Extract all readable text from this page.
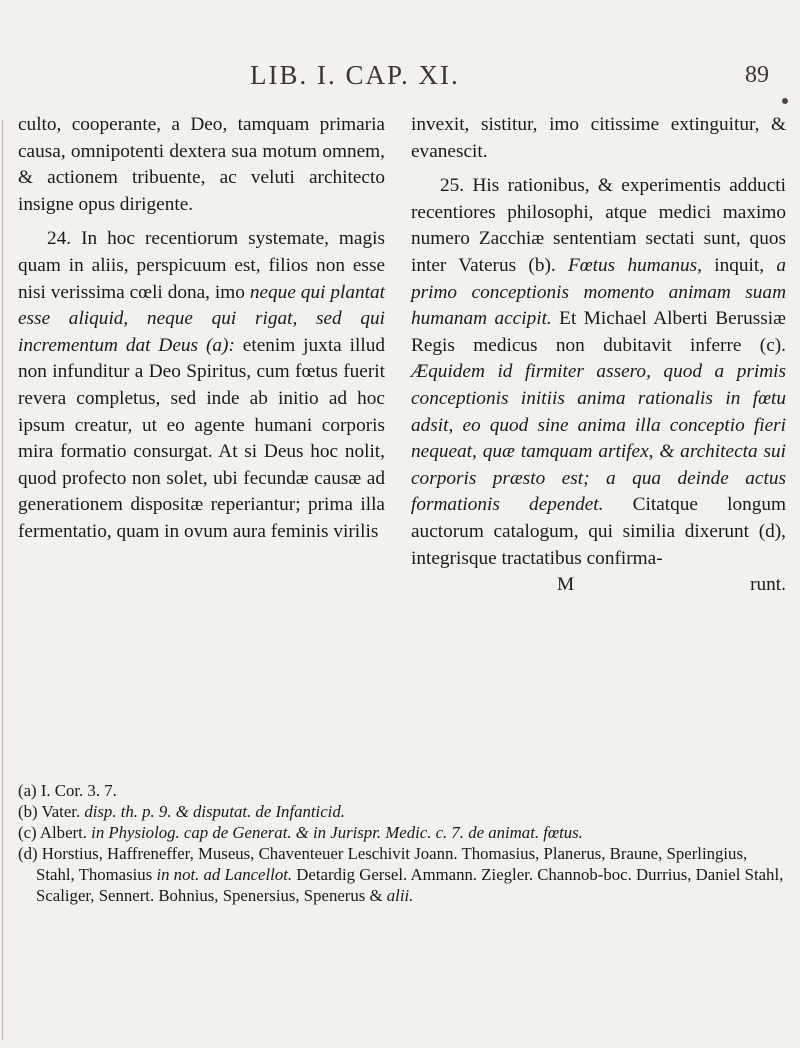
LIB. I. CAP. XI.	89

culto, cooperante, a Deo, tamquam primaria causa, omnipotenti dextera sua motum omnem, & actionem tribuente, ac veluti architecto insigne opus dirigente.

24. In hoc recentiorum systemate, magis quam in aliis, perspicuum est, filios non esse nisi verissima cœli dona, imo neque qui plantat esse aliquid, neque qui rigat, sed qui incrementum dat Deus (a): etenim juxta illud non infunditur a Deo Spiritus, cum fœtus fuerit revera completus, sed inde ab initio ad hoc ipsum creatur, ut eo agente humani corporis mira formatio consurgat. At si Deus hoc nolit, quod profecto non solet, ubi fecundæ causæ ad generationem dispositæ reperiantur; prima illa fermentatio, quam in ovum aura feminis virilis

invexit, sistitur, imo citissime extinguitur, & evanescit.

25. His rationibus, & experimentis adducti recentiores philosophi, atque medici maximo numero Zacchiæ sententiam sectati sunt, quos inter Vaterus (b). Fœtus humanus, inquit, a primo conceptionis momento animam suam humanam accipit. Et Michael Alberti Berussiæ Regis medicus non dubitavit inferre (c). Æquidem id firmiter assero, quod a primis conceptionis initiis anima rationalis in fœtu adsit, eo quod sine anima illa conceptio fieri nequeat, quæ tamquam artifex, & architecta sui corporis præsto est; a qua deinde actus formationis dependet. Citatque longum auctorum catalogum, qui similia dixerunt (d), integrisque tractatibus confirma-

M	runt.

(a) I. Cor. 3. 7.

(b) Vater. disp. th. p. 9. & disputat. de Infanticid.

(c) Albert. in Physiolog. cap de Generat. & in Jurispr. Medic. c. 7. de animat. fœtus.

(d) Horstius, Haffreneffer, Museus, Chaventeuer Leschivit Joann. Thomasius, Planerus, Braune, Sperlingius, Stahl, Thomasius in not. ad Lancellot. Detardig Gersel. Ammann. Ziegler. Channob-boc. Durrius, Daniel Stahl, Scaliger, Sennert. Bohnius, Spenersius, Spenerus & alii.
